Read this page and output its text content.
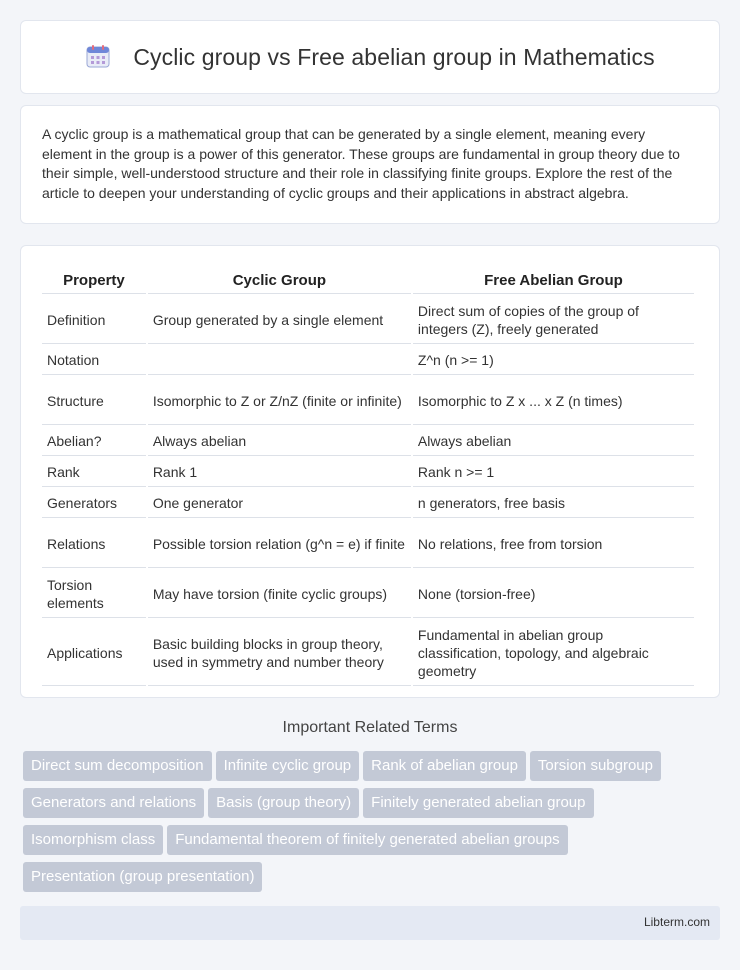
Cyclic group vs Free abelian group in Mathematics

A cyclic group is a mathematical group that can be generated by a single element, meaning every element in the group is a power of this generator. These groups are fundamental in group theory due to their simple, well-understood structure and their role in classifying finite groups. Explore the rest of the article to deepen your understanding of cyclic groups and their applications in abstract algebra.

Property	Cyclic Group	Free Abelian Group
Definition	Group generated by a single element	Direct sum of copies of the group of integers (Z), freely generated
Notation		Z^n (n >= 1)
Structure	Isomorphic to Z or Z/nZ (finite or infinite)	Isomorphic to Z x ... x Z (n times)
Abelian?	Always abelian	Always abelian
Rank	Rank 1	Rank n >= 1
Generators	One generator	n generators, free basis
Relations	Possible torsion relation (g^n = e) if finite	No relations, free from torsion
Torsion elements	May have torsion (finite cyclic groups)	None (torsion-free)
Applications	Basic building blocks in group theory, used in symmetry and number theory	Fundamental in abelian group classification, topology, and algebraic geometry
Important Related Terms
Direct sum decomposition Infinite cyclic group Rank of abelian group Torsion subgroupGenerators and relations Basis (group theory) Finitely generated abelian groupIsomorphism class Fundamental theorem of finitely generated abelian groupsPresentation (group presentation)
Libterm.com
